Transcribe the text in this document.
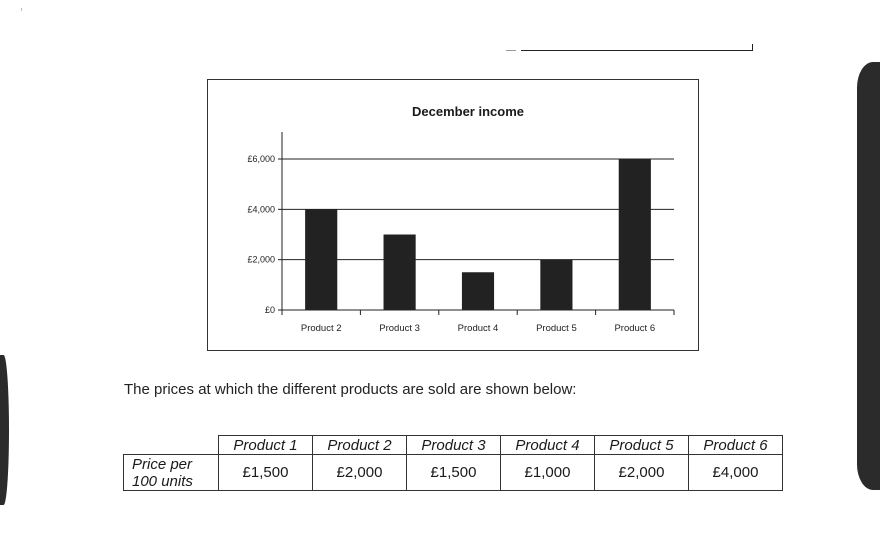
December income
£0
£2,000
£4,000
£6,000
Product 2	Product 3	Product 4	Product 5	Product 6
The prices at which the different products are sold are shown below:
	Product 1	Product 2	Product 3	Product 4	Product 5	Product 6
Price per
100 units	£1,500	£2,000	£1,500	£1,000	£2,000	£4,000
